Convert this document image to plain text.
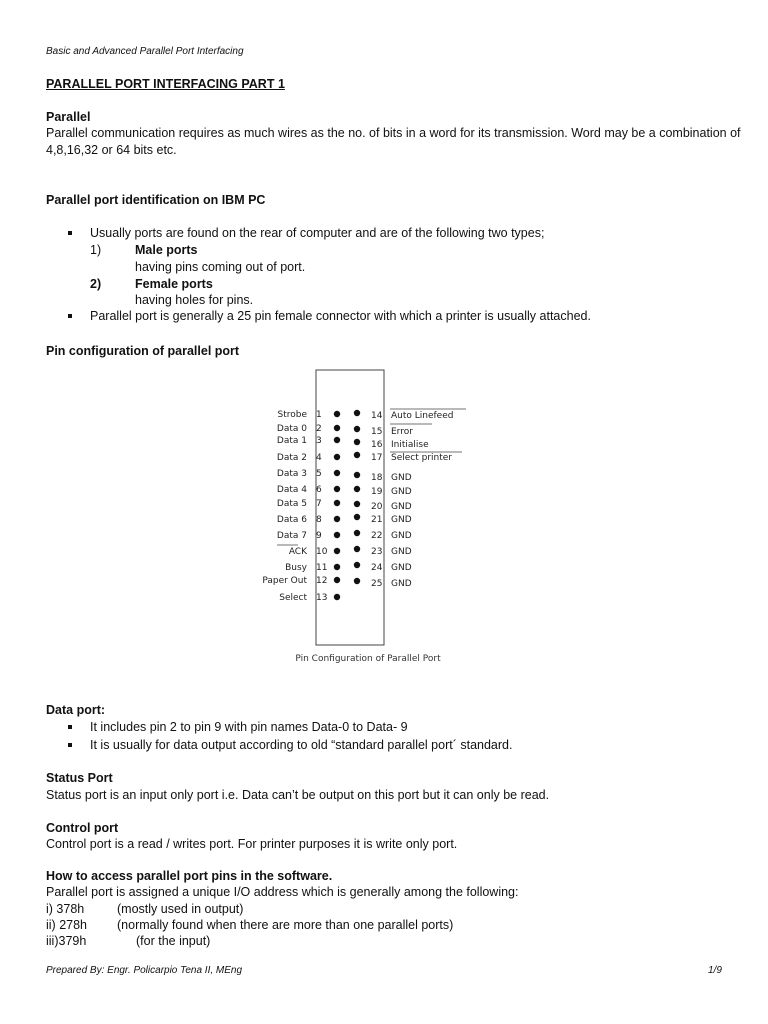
Basic and Advanced Parallel Port Interfacing
PARALLEL PORT INTERFACING PART 1
Parallel
Parallel communication requires as much wires as the no. of bits in a word for its transmission. Word may be a combination of
4,8,16,32 or 64 bits etc.
Parallel port identification on IBM PC
Usually ports are found on the rear of computer and are of the following two types;
1)	Male ports
having pins coming out of port.
2)	Female ports
having holes for pins.
Parallel port is generally a 25 pin female connector with which a printer is usually attached.
Pin configuration of parallel port
Pin Configuration of Parallel Port
Strobe 1
Data 0 2
Data 1 3
Data 2 4
Data 3 5
Data 4 6
Data 5 7
Data 6 8
Data 7 9
ACK 10
Busy 11
Paper Out 12
Select 13
14 Auto Linefeed
15 Error
16 Initialise
17 Select printer
18 GND
19 GND
20 GND
21 GND
22 GND
23 GND
24 GND
25 GND
Data port:
It includes pin 2 to pin 9 with pin names Data-0 to Data- 9
It is usually for data output according to old “standard parallel port´ standard.
Status Port
Status port is an input only port i.e. Data can’t be output on this port but it can only be read.
Control port
Control port is a read / writes port. For printer purposes it is write only port.
How to access parallel port pins in the software.
Parallel port is assigned a unique I/O address which is generally among the following:
i) 378h	(mostly used in output)
ii) 278h (normally found when there are more than one parallel ports)
iii)379h	(for the input)
Prepared By: Engr. Policarpio Tena II, MEng	1/9
